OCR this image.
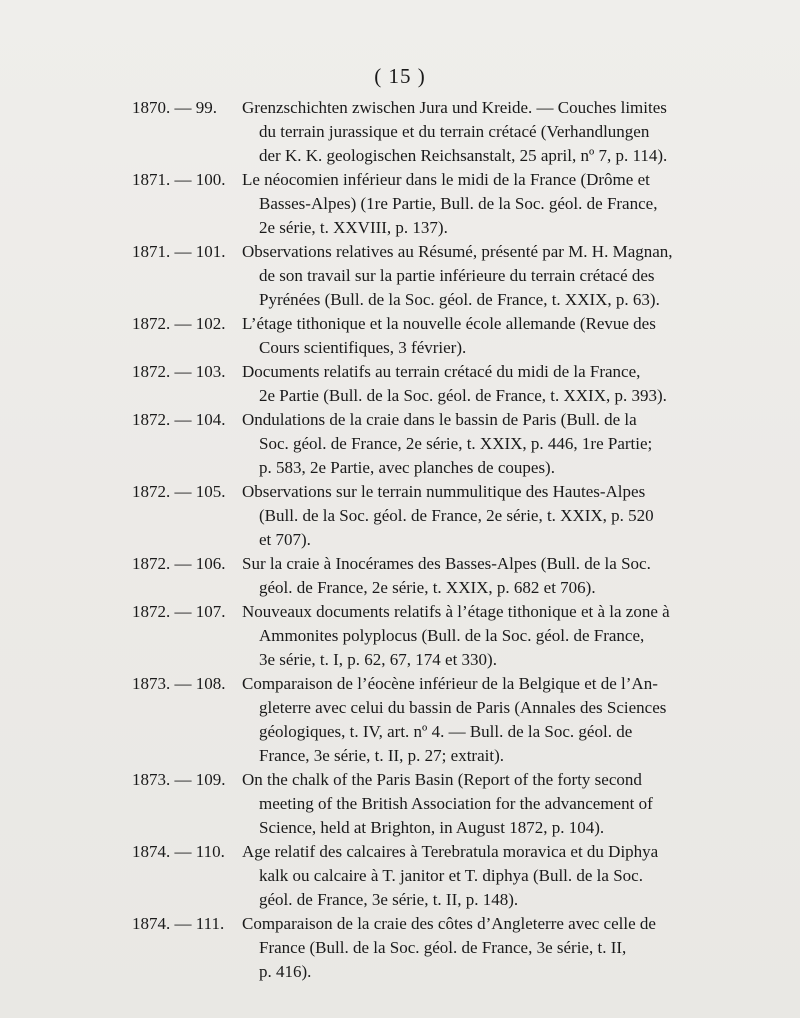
( 15 )
1870. — 99.	Grenzschichten zwischen Jura und Kreide. — Couches limites
du terrain jurassique et du terrain crétacé (Verhandlungen
der K. K. geologischen Reichsanstalt, 25 april, nº 7, p. 114).
1871. — 100. Le néocomien inférieur dans le midi de la France (Drôme et
Basses-Alpes) (1re Partie, Bull. de la Soc. géol. de France,
2e série, t. XXVIII, p. 137).
1871. — 101. Observations relatives au Résumé, présenté par M. H. Magnan,
de son travail sur la partie inférieure du terrain crétacé des
Pyrénées (Bull. de la Soc. géol. de France, t. XXIX, p. 63).
1872. — 102. L’étage tithonique et la nouvelle école allemande (Revue des
Cours scientifiques, 3 février).
1872. — 103. Documents relatifs au terrain crétacé du midi de la France,
2e Partie (Bull. de la Soc. géol. de France, t. XXIX, p. 393).
1872. — 104. Ondulations de la craie dans le bassin de Paris (Bull. de la
Soc. géol. de France, 2e série, t. XXIX, p. 446, 1re Partie;
p. 583, 2e Partie, avec planches de coupes).
1872. — 105. Observations sur le terrain nummulitique des Hautes-Alpes
(Bull. de la Soc. géol. de France, 2e série, t. XXIX, p. 520
et 707).
1872. — 106. Sur la craie à Inocérames des Basses-Alpes (Bull. de la Soc.
géol. de France, 2e série, t. XXIX, p. 682 et 706).
1872. — 107. Nouveaux documents relatifs à l’étage tithonique et à la zone à
Ammonites polyplocus (Bull. de la Soc. géol. de France,
3e série, t. I, p. 62, 67, 174 et 330).
1873. — 108. Comparaison de l’éocène inférieur de la Belgique et de l’An-
gleterre avec celui du bassin de Paris (Annales des Sciences
géologiques, t. IV, art. nº 4. — Bull. de la Soc. géol. de
France, 3e série, t. II, p. 27; extrait).
1873. — 109. On the chalk of the Paris Basin (Report of the forty second
meeting of the British Association for the advancement of
Science, held at Brighton, in August 1872, p. 104).
1874. — 110.	Age relatif des calcaires à Terebratula moravica et du Diphya
kalk ou calcaire à T. janitor et T. diphya (Bull. de la Soc.
géol. de France, 3e série, t. II, p. 148).
1874. — 111.	Comparaison de la craie des côtes d’Angleterre avec celle de
France (Bull. de la Soc. géol. de France, 3e série, t. II,
p. 416).
